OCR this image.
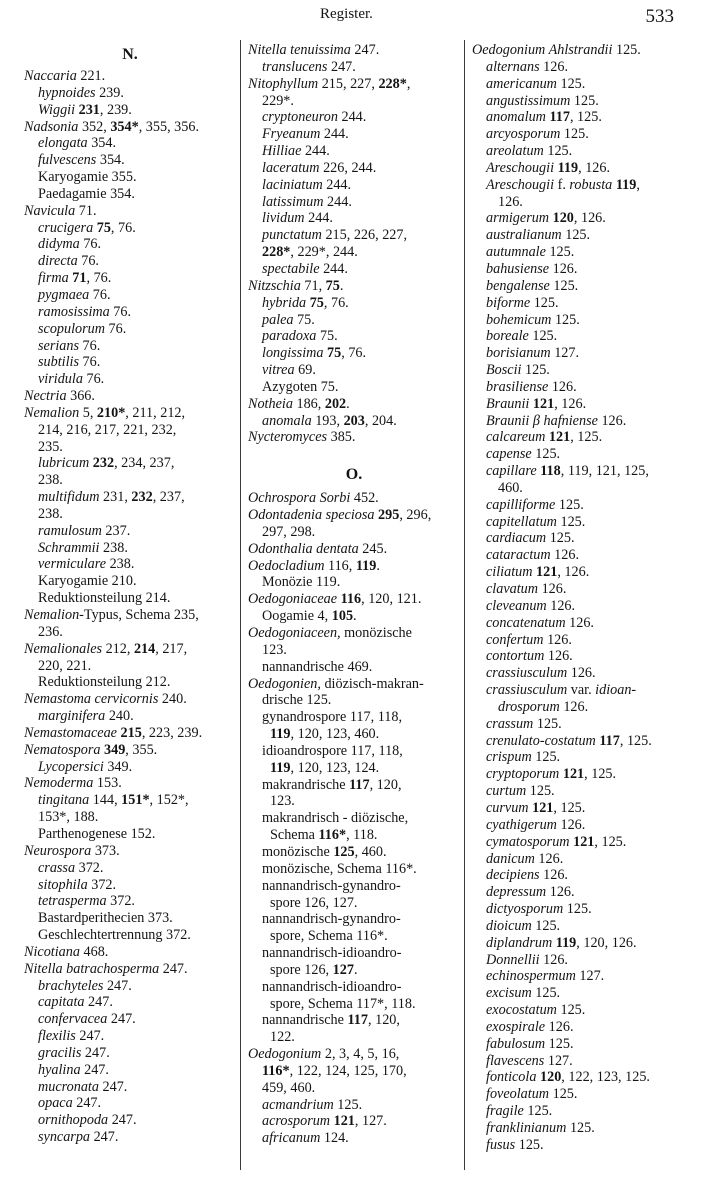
Register.	533
N.
Naccaria 221.
hypnoides 239.
Wiggii 231, 239.
Nadsonia 352, 354*, 355, 356.
elongata 354.
fulvescens 354.
Karyogamie 355.
Paedagamie 354.
Navicula 71.
crucigera 75, 76.
didyma 76.
directa 76.
firma 71, 76.
pygmaea 76.
ramosissima 76.
scopulorum 76.
serians 76.
subtilis 76.
viridula 76.
Nectria 366.
Nemalion 5, 210*, 211, 212,
214, 216, 217, 221, 232,
235.
lubricum 232, 234, 237,
238.
multifidum 231, 232, 237,
238.
ramulosum 237.
Schrammii 238.
vermiculare 238.
Karyogamie 210.
Reduktionsteilung 214.
Nemalion-Typus, Schema 235,
236.
Nemalionales 212, 214, 217,
220, 221.
Reduktionsteilung 212.
Nemastoma cervicornis 240.
marginifera 240.
Nemastomaceae 215, 223, 239.
Nematospora 349, 355.
Lycopersici 349.
Nemoderma 153.
tingitana 144, 151*, 152*,
153*, 188.
Parthenogenese 152.
Neurospora 373.
crassa 372.
sitophila 372.
tetrasperma 372.
Bastardperithecien 373.
Geschlechtertrennung 372.
Nicotiana 468.
Nitella batrachosperma 247.
brachyteles 247.
capitata 247.
confervacea 247.
flexilis 247.
gracilis 247.
hyalina 247.
mucronata 247.
opaca 247.
ornithopoda 247.
syncarpa 247.
Nitella tenuissima 247.
translucens 247.
Nitophyllum 215, 227, 228*,
229*.
cryptoneuron 244.
Fryeanum 244.
Hilliae 244.
laceratum 226, 244.
laciniatum 244.
latissimum 244.
lividum 244.
punctatum 215, 226, 227,
228*, 229*, 244.
spectabile 244.
Nitzschia 71, 75.
hybrida 75, 76.
palea 75.
paradoxa 75.
longissima 75, 76.
vitrea 69.
Azygoten 75.
Notheia 186, 202.
anomala 193, 203, 204.
Nycteromyces 385.
O.
Ochrospora Sorbi 452.
Odontadenia speciosa 295, 296,
297, 298.
Odonthalia dentata 245.
Oedocladium 116, 119.
Monözie 119.
Oedogoniaceae 116, 120, 121.
Oogamie 4, 105.
Oedogoniaceen, monözische
123.
nannandrische 469.
Oedogonien, diözisch-makran-
drische 125.
gynandrospore 117, 118,
119, 120, 123, 460.
idioandrospore 117, 118,
119, 120, 123, 124.
makrandrische 117, 120,
123.
makrandrisch - diözische,
Schema 116*, 118.
monözische 125, 460.
monözische, Schema 116*.
nannandrisch-gynandro-
spore 126, 127.
nannandrisch-gynandro-
spore, Schema 116*.
nannandrisch-idioandro-
spore 126, 127.
nannandrisch-idioandro-
spore, Schema 117*, 118.
nannandrische 117, 120,
122.
Oedogonium 2, 3, 4, 5, 16,
116*, 122, 124, 125, 170,
459, 460.
acmandrium 125.
acrosporum 121, 127.
africanum 124.
Oedogonium Ahlstrandii 125.
alternans 126.
americanum 125.
angustissimum 125.
anomalum 117, 125.
arcyosporum 125.
areolatum 125.
Areschougii 119, 126.
Areschougii f. robusta 119,
126.
armigerum 120, 126.
australianum 125.
autumnale 125.
bahusiense 126.
bengalense 125.
biforme 125.
bohemicum 125.
boreale 125.
borisianum 127.
Boscii 125.
brasiliense 126.
Braunii 121, 126.
Braunii β hafniense 126.
calcareum 121, 125.
capense 125.
capillare 118, 119, 121, 125,
460.
capilliforme 125.
capitellatum 125.
cardiacum 125.
cataractum 126.
ciliatum 121, 126.
clavatum 126.
cleveanum 126.
concatenatum 126.
confertum 126.
contortum 126.
crassiusculum 126.
crassiusculum var. idioan-
drosporum 126.
crassum 125.
crenulato-costatum 117, 125.
crispum 125.
cryptoporum 121, 125.
curtum 125.
curvum 121, 125.
cyathigerum 126.
cymatosporum 121, 125.
danicum 126.
decipiens 126.
depressum 126.
dictyosporum 125.
dioicum 125.
diplandrum 119, 120, 126.
Donnellii 126.
echinospermum 127.
excisum 125.
exocostatum 125.
exospirale 126.
fabulosum 125.
flavescens 127.
fonticola 120, 122, 123, 125.
foveolatum 125.
fragile 125.
franklinianum 125.
fusus 125.
